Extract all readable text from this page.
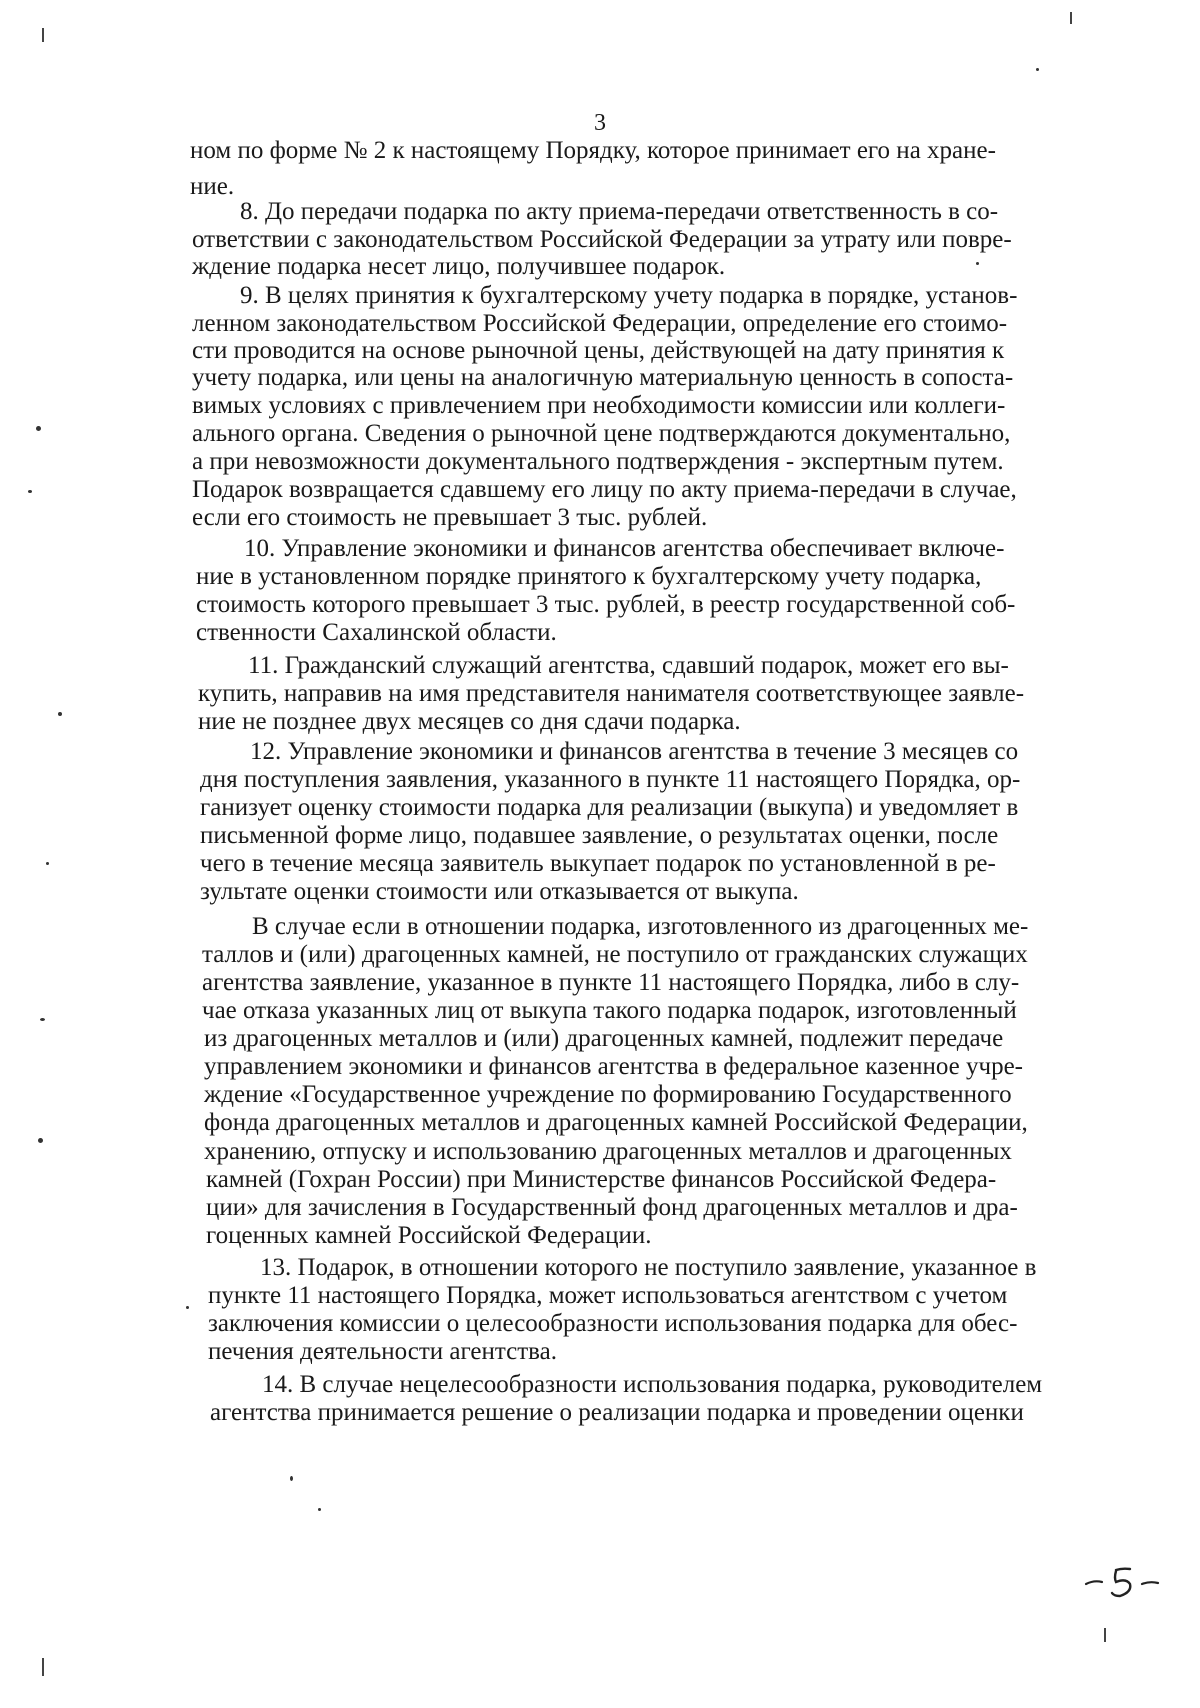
3
ном по форме № 2 к настоящему Порядку, которое принимает его на хране-
ние.
8. До передачи подарка по акту приема-передачи ответственность в со-
ответствии с законодательством Российской Федерации за утрату или повре-
ждение подарка несет лицо, получившее подарок.
9. В целях принятия к бухгалтерскому учету подарка в порядке, установ-
ленном законодательством Российской Федерации, определение его стоимо-
сти проводится на основе рыночной цены, действующей на дату принятия к
учету подарка, или цены на аналогичную материальную ценность в сопоста-
вимых условиях с привлечением при необходимости комиссии или коллеги-
ального органа. Сведения о рыночной цене подтверждаются документально,
а при невозможности документального подтверждения - экспертным путем.
Подарок возвращается сдавшему его лицу по акту приема-передачи в случае,
если его стоимость не превышает 3 тыс. рублей.
10. Управление экономики и финансов агентства обеспечивает включе-
ние в установленном порядке принятого к бухгалтерскому учету подарка,
стоимость которого превышает 3 тыс. рублей, в реестр государственной соб-
ственности Сахалинской области.
11. Гражданский служащий агентства, сдавший подарок, может его вы-
купить, направив на имя представителя нанимателя соответствующее заявле-
ние не позднее двух месяцев со дня сдачи подарка.
12. Управление экономики и финансов агентства в течение 3 месяцев со
дня поступления заявления, указанного в пункте 11 настоящего Порядка, ор-
ганизует оценку стоимости подарка для реализации (выкупа) и уведомляет в
письменной форме лицо, подавшее заявление, о результатах оценки, после
чего в течение месяца заявитель выкупает подарок по установленной в ре-
зультате оценки стоимости или отказывается от выкупа.
В случае если в отношении подарка, изготовленного из драгоценных ме-
таллов и (или) драгоценных камней, не поступило от гражданских служащих
агентства заявление, указанное в пункте 11 настоящего Порядка, либо в слу-
чае отказа указанных лиц от выкупа такого подарка подарок, изготовленный
из драгоценных металлов и (или) драгоценных камней, подлежит передаче
управлением экономики и финансов агентства в федеральное казенное учре-
ждение «Государственное учреждение по формированию Государственного
фонда драгоценных металлов и драгоценных камней Российской Федерации,
хранению, отпуску и использованию драгоценных металлов и драгоценных
камней (Гохран России) при Министерстве финансов Российской Федера-
ции» для зачисления в Государственный фонд драгоценных металлов и дра-
гоценных камней Российской Федерации.
13. Подарок, в отношении которого не поступило заявление, указанное в
пункте 11 настоящего Порядка, может использоваться агентством с учетом
заключения комиссии о целесообразности использования подарка для обес-
печения деятельности агентства.
14. В случае нецелесообразности использования подарка, руководителем
агентства принимается решение о реализации подарка и проведении оценки
